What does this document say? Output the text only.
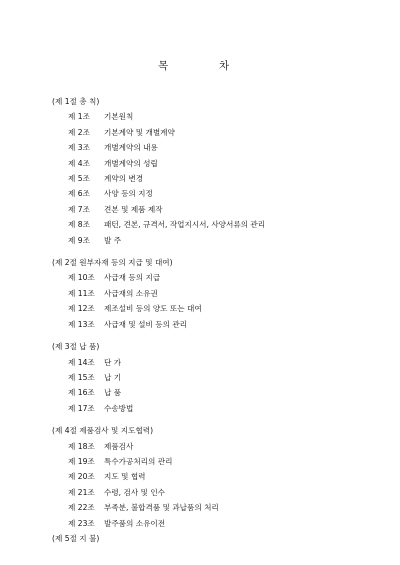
목	차
(제 1절 총 칙)
제 1조	기본원칙
제 2조	기본계약 및 개별계약
제 3조	개별계약의 내용
제 4조	개별계약의 성립
제 5조	계약의 변경
제 6조	사양 등의 지정
제 7조	견본 및 제품 제작
제 8조	패턴, 견본, 규격서, 작업지시서, 사양서류의 관리
제 9조	발 주
(제 2절 원부자재 등의 지급 및 대여)
제 10조	사급재 등의 지급
제 11조	사급재의 소유권
제 12조	제조설비 등의 양도 또는 대여
제 13조	사급재 및 설비 등의 관리
(제 3절 납 품)
제 14조	단 가
제 15조	납 기
제 16조	납 품
제 17조	수송방법
(제 4절 제품검사 및 지도협력)
제 18조	제품검사
제 19조	특수가공처리의 관리
제 20조	지도 및 협력
제 21조	수령, 검사 및 인수
제 22조	부족분, 불합격품 및 과납품의 처리
제 23조	발주품의 소유이전
(제 5절 지 불)
